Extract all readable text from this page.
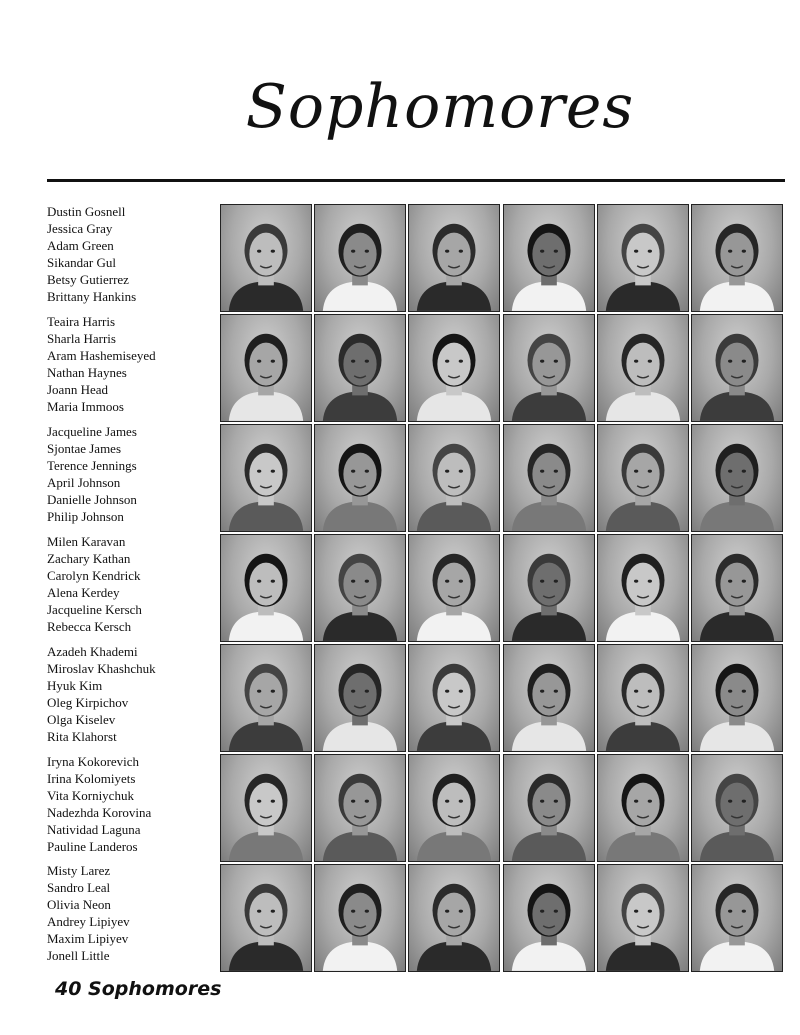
Sophomores
Dustin Gosnell
Jessica Gray
Adam Green
Sikandar Gul
Betsy Gutierrez
Brittany Hankins
Teaira Harris
Sharla Harris
Aram Hashemiseyed
Nathan Haynes
Joann Head
Maria Immoos
Jacqueline James
Sjontae James
Terence Jennings
April Johnson
Danielle Johnson
Philip Johnson
Milen Karavan
Zachary Kathan
Carolyn Kendrick
Alena Kerdey
Jacqueline Kersch
Rebecca Kersch
Azadeh Khademi
Miroslav Khashchuk
Hyuk Kim
Oleg Kirpichov
Olga Kiselev
Rita Klahorst
Iryna Kokorevich
Irina Kolomiyets
Vita Korniychuk
Nadezhda Korovina
Natividad Laguna
Pauline Landeros
Misty Larez
Sandro Leal
Olivia Neon
Andrey Lipiyev
Maxim Lipiyev
Jonell Little
40 Sophomores
